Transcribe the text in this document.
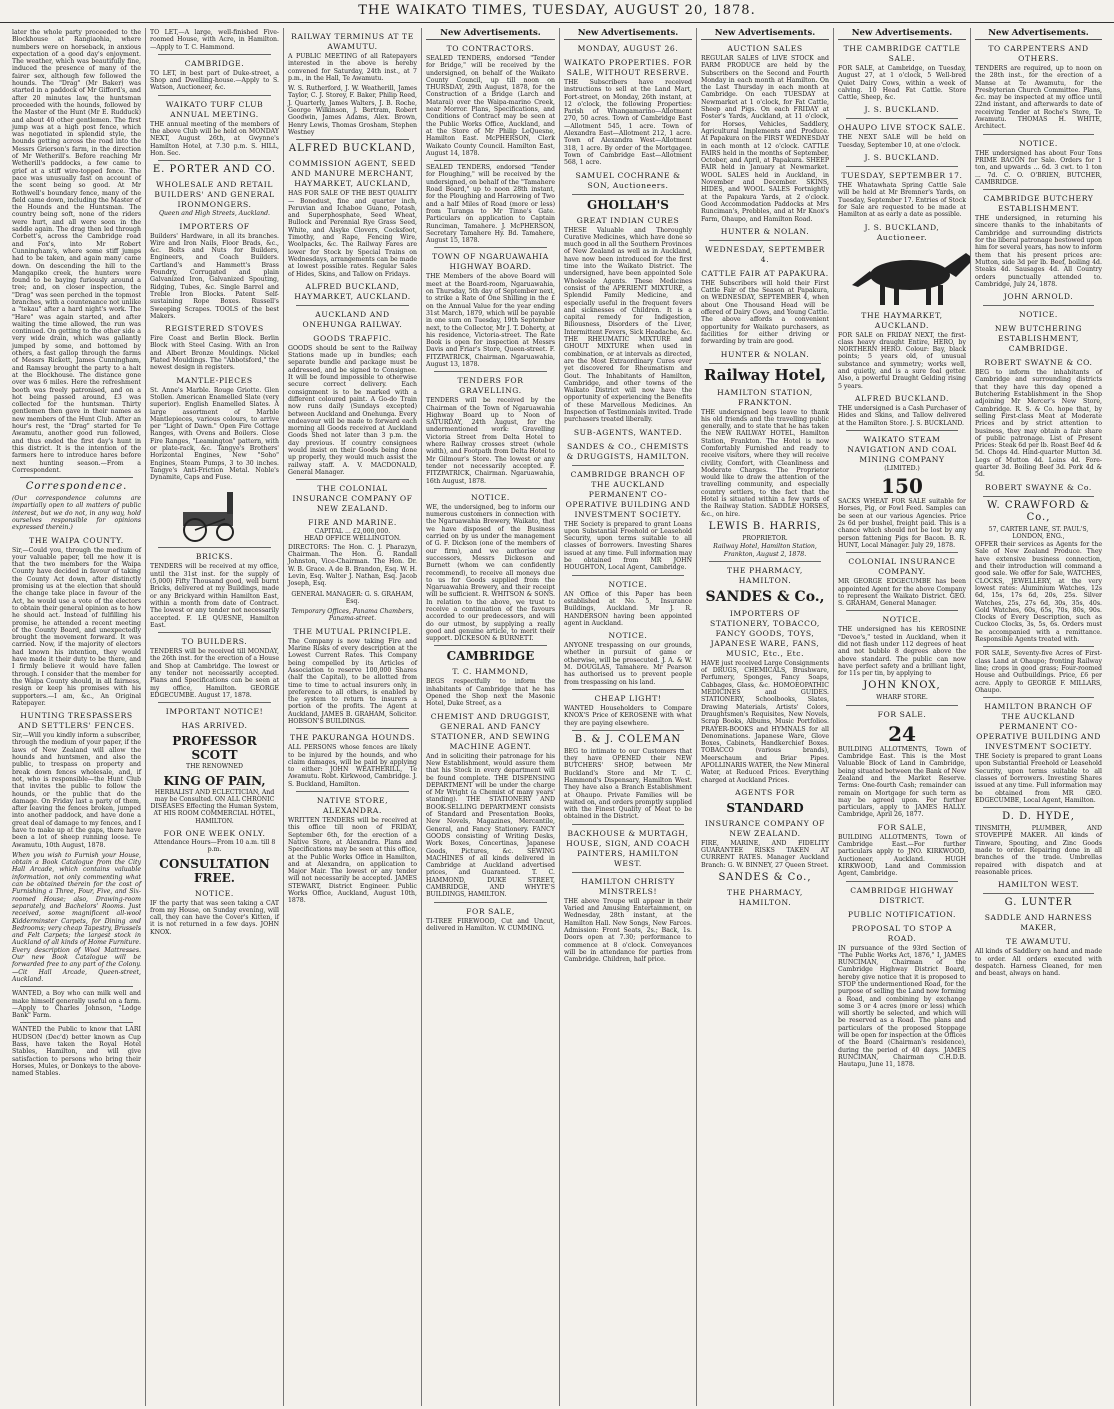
THE WAIKATO TIMES, TUESDAY, AUGUST 20, 1878.
later the whole party proceeded to the Blockhouse at Rangiaohia, where numbers were on horseback, in anxious expectation of a good day's enjoyment. The weather, which was beautifully fine, induced the presence of many of the fairer sex, although few followed the hounds. The "Drag" (Mr Baker) was started in a paddock of Mr Gifford's, and after 20 minutes law, the huntsman proceeded with the hounds, followed by the Master of the Hunt (Mr E. Rudduck) and about 40 other gentlemen. The first jump was at a high post fence, which was negotiated in splendid style, the hounds getting across the road into the Messrs Grierson's farm, in the direction of Mr Wetherill's. Before reaching Mr Wetherill's paddocks, a few came to grief at a stiff wire-topped fence. The pace was unusually fast on account of the scent being so good. At Mr Rothwell's boundary fence, many of the field came down, including the Master of the Hounds and the Huntsman. The country being soft, none of the riders were hurt, and all were soon in the saddle again. The drag then led through Corbett's, across the Cambridge road and Fox's, into Mr Robert Cunningham's, where some stiff jumps had to be taken, and again many came down. On descending the hill to the Mangapiko creek, the hunters were found to be baying furiously around a tree; and, on closer inspection, the "Drag" was seen perched in the topmost branches, with a countenance not unlike a "tekau" after a hard night's work. The "Hare" was again started, and after waiting the time allowed, the run was continued. On getting to the other side a very wide drain, which was gallantly jumped by some, and bottomed by others, a fast gallop through the farms of Messrs Rickett, James Cunningham, and Ramsay brought the party to a halt at the Blockhouse. The distance gone over was 6 miles. Here the refreshment booth was freely patronised, and on a hot being passed around, £3 was collected for the huntsman. Thirty gentlemen then gave in their names as new members of the Hunt Club. After an hour's rest, the "Drag" started for Te Awamutu, another good run followed, and thus ended the first day's hunt in this district. It is the intention of the farmers here to introduce hares before next hunting season.—From a Correspondent.
Correspondence.
(Our correspondence columns are impartially open to all matters of public interest, but we do not, in any way, hold ourselves responsible for opinions expressed therein.)
THE WAIPA COUNTY.
Sir,—Could you, through the medium of your valuable paper, tell me how it is that the two members for the Waipa County have decided in favour of taking the County Act down, after distinctly promising us at the election that should the change take place in favour of the Act, he would use a vote of the electors to obtain their general opinion as to how he should act. Instead of fulfilling his promise, he attended a recent meeting of the County Board, and unexpectedly brought the movement forward. It was carried. Now, if the majority of electors had known his intention, they would have made it their duty to be there, and I firmly believe it would have fallen through. I consider that the member for the Waipa County should, in all fairness, resign or keep his promises with his supporters.—I am, &c., An Original Ratepayer.
HUNTING TRESPASSERS AND SETTLERS' FENCES.
Sir,—Will you kindly inform a subscriber, through the medium of your paper, if the laws of New Zealand will allow the hounds and huntsmen, and also the public, to trespass on property and break down fences wholesale, and, if not, who is responsible—the Hunt Club that invites the public to follow the hounds, or the public that do the damage. On Friday last a party of them, after leaving the fences broken, jumped into another paddock, and have done a great deal of damage to my fences, and I have to make up at the gaps, there have been a lot of sheep running loose. Te Awamutu, 10th August, 1878.
When you wish to Furnish your House, obtain a Book Catalogue from the City Hall Arcade, which contains valuable information, not only commenting what can be obtained therein for the cost of Furnishing a Three, Four, Five, and Six-roomed House; also, Drawing-room separately, and Bachelors' Rooms. Just received, some magnificent all-wool Kidderminster Carpets, for Dining and Bedrooms; very cheap Tapestry, Brussels and Felt Carpets; the largest stock in Auckland of all kinds of Home Furniture. Every description of Wool Mattresses. Our new Book Catalogue will be forwarded free to any part of the Colony. —Cit Hall Arcade, Queen-street, Auckland.
WANTED, a Boy who can milk well and make himself generally useful on a farm.—Apply to Charles Johnson, "Lodge Bank" Farm.
WANTED the Public to know that LARI HUDSON (Dec'd) better known as Cup Bass, have taken the Royal Hotel Stables, Hamilton, and will give satisfaction to persons who bring their Horses, Mules, or Donkeys to the above-named Stables.
TO LET,—A large, well-finished Five-roomed House, with Acre, in Hamilton.—Apply to T. C. Hammond.
CAMBRIDGE.
TO LET, in best part of Duke-street, a Shop and Dwelling-house.—Apply to S. Watson, Auctioneer, &c.
WAIKATO TURF CLUB ANNUAL MEETING.
THE annual meeting of the members of the above Club will be held on MONDAY NEXT, August 26th, at Gwynne's Hamilton Hotel, at 7.30 p.m. S. HILL, Hon. Sec.
E. PORTER AND CO.
WHOLESALE AND RETAIL BUILDERS' AND GENERAL IRONMONGERS.
Queen and High Streets, Auckland.
IMPORTERS OF
Builders' Hardware, in all its branches. Wire and Iron Nails, Floor Brads, &c., &c. Bolts and Nuts for Builders, Engineers, and Coach Builders. Cartland's and Hammett's Brass Foundry, Corrugated and plain Galvanized Iron, Galvanized Spouting, Ridging, Tubes, &c. Single Barrel and Treble Iron Blocks. Patent Self-sustaining Rope Boxes. Russell's Sweeping Scrapes. TOOLS of the best Makers.
REGISTERED STOVES
Fire Coast and Berlin Block. Berlin Block with Steel Casing. With an Iron and Albert Bronze Mouldings. Nickel Plated Mouldings. The "Abbotsford," the newest design in registers.
MANTLE-PIECES
St. Anne's Marble. Rouge Griotte. Glen Stollen. American Enamelled Slate (very superior). English Enamelled Slates. A large assortment of Marble Mantlepieces, various colours, to arrive per "Light of Dawn." Open Fire Cottage Ranges, with Ovens and Boilers. Close Fire Ranges, "Leamington" pattern, with or plate-rack, &c. Tangye's Brothers' Horizontal Engines, New "Soho" Engines, Steam Pumps, 3 to 30 inches. Tangye's Anti-Friction Metal. Noble's Dynamite, Caps and Fuse.
BRICKS.
TENDERS will be received at my office, until the 31st inst. for the supply of (5,000) Fifty Thousand good, well burnt Bricks, delivered at my Buildings, made or any Brickyard within Hamilton East, within a month from date of Contract. The lowest or any tender not necessarily accepted. F. LE QUESNE, Hamilton East.
TO BUILDERS.
TENDERS will be received till MONDAY, the 26th inst. for the erection of a House and Shop at Cambridge. The lowest or any tender not necessarily accepted. Plans and Specifications can be seen at my office, Hamilton. GEORGE EDGECUMBE. August 17, 1878.
IMPORTANT NOTICE!
HAS ARRIVED.
PROFESSOR SCOTT
THE RENOWNED
KING OF PAIN,
HERBALIST AND ECLECTICIAN, And may be Consulted. ON ALL CHRONIC DISEASES Effecting the Human System, AT HIS ROOM COMMERCIAL HOTEL, HAMILTON.
FOR ONE WEEK ONLY.
Attendance Hours—From 10 a.m. till 8 p.m.
CONSULTATION FREE.
NOTICE.
IF the party that was seen taking a CAT from my House, on Sunday evening, will call, they can have the Cover's Kitten, if it is not returned in a few days. JOHN KNOX.
RAILWAY TERMINUS AT TE AWAMUTU.
A PUBLIC MEETING of all Ratepayers interested in the above is hereby convened for Saturday, 24th inst., at 7 p.m., in the Hall, Te Awamutu.
W. S. Rutherford, J. W. Weatherill, James Taylor, C. J. Storey, F. Baker, Philip Reed, J. Quarterly, James Walters, J. B. Roche, George Wilkinson, J. Bertram, Robert Goodwin, James Adams, Alex. Brown, Henry Lewis, Thomas Grosham, Stephen Westney
ALFRED BUCKLAND,
COMMISSION AGENT, SEED AND MANURE MERCHANT, HAYMARKET, AUCKLAND,
HAS FOR SALE OF THE BEST QUALITY— Bonedust, fine and quarter inch, Peruvian and Ichaboe Guano, Potash, and Superphosphate, Seed Wheat, Bullock and Perennial Rye Grass Seed, White, and Alsyke Clovers, Cocksfoot, Timothy, and Rape, Fencing Wire, Woolpacks, &c. The Railway Fares are lower for Stock by Special Trains on Wednesdays, arrangements can be made at lowest possible rates. Regular Sales of Hides, Skins, and Tallow on Fridays.
ALFRED BUCKLAND, HAYMARKET, AUCKLAND.
AUCKLAND AND ONEHUNGA RAILWAY.
GOODS TRAFFIC.
GOODS should be sent to the Railway Stations made up in bundles; each separate bundle and package must be addressed, and be signed to Consignee. It will be found impossible to otherwise secure correct delivery. Each consignment is to be marked with a different coloured paint. A Go-do Train now runs daily (Sundays excepted) between Auckland and Onehunga. Every endeavour will be made to forward each morning all Goods received at Auckland Goods Shed not later than 3 p.m. the day previous. If country consignees would insist on their Goods being done up properly, they would much assist the railway staff. A. V. MACDONALD, General Manager.
THE COLONIAL INSURANCE COMPANY OF NEW ZEALAND.
FIRE AND MARINE.
CAPITAL ... £2,000,000.
HEAD OFFICE WELLINGTON.
DIRECTORS: The Hon. C. J. Pharazyn, Chairman. The Hon. G. Randall Johnston, Vice-Chairman. The Hon. Dr. W. B. Grace. A de B. Brandon, Esq. W. H. Levin, Esq. Walter J. Nathan, Esq. Jacob Joseph, Esq.
GENERAL MANAGER: G. S. GRAHAM, Esq.
Temporary Offices, Panama Chambers, Panama-street.
THE MUTUAL PRINCIPLE.
The Company is now taking Fire and Marine Risks of every description at the Lowest Current Rates. This Company being compelled by its Articles of Association to reserve 100,000 Shares (half the Capital), to be allotted from time to time to actual insurers only, in preference to all others, is enabled by the system to return to insurers a portion of the profits. The Agent at Auckland, JAMES B. GRAHAM, Solicitor. HOBSON'S BUILDINGS.
THE PAKURANGA HOUNDS.
ALL PERSONS whose fences are likely to be injured by the hounds, and who claim damages, will be paid by applying to either: JOHN WEATHERILL, Te Awamutu. Robt. Kirkwood, Cambridge. J. S. Buckland, Hamilton.
NATIVE STORE, ALEXANDRA.
WRITTEN TENDERS will be received at this office till noon of FRIDAY, September 6th, for the erection of a Native Store, at Alexandra. Plans and Specifications may be seen at this office, at the Public Works Office in Hamilton, and at Alexandra, on application to Major Mair. The lowest or any tender will not necessarily be accepted. JAMES STEWART, District Engineer. Public Works Office, Auckland, August 10th, 1878.
New Advertisements.
TO CONTRACTORS.
SEALED TENDERS, endorsed "Tender for Bridge," will be received by the undersigned, on behalf of the Waikato County Council, up till noon on THURSDAY, 29th August, 1878, for the Construction of a Bridge (Larch and Matarai) over the Waipa-marino Creek, near Morror. Plans, Specifications, and Conditions of Contract may be seen at the Public Works Office, Auckland, and at the Store of Mr Philip LeQuesne, Hamilton East. McPHERSON, Clerk Waikato County Council. Hamilton East, August 14, 1878.
SEALED TENDERS, endorsed "Tender for Ploughing," will be received by the undersigned, on behalf of the "Tamahere Road Board," up to noon 28th instant, for the Ploughing and Harrowing of Two and a half Miles of Road (more or less) from Turanga to Mr Tinne's Gate. Particulars on application to Captain Runciman, Tamahere. J. McPHERSON, Secretary Tamahere Hy. Bd. Tamahere, August 15, 1878.
TOWN OF NGARUAWAHIA HIGHWAY BOARD.
THE Members of the above Board will meet at the Board-room, Ngaruawahia, on Thursday, 5th day of September next, to strike a Rate of One Shilling in the £ on the Annual Value for the year ending 31st March, 1879, which will be payable in one sum on Tuesday, 19th September next, to the Collector, Mr J. T. Doherty, at his residence, Victoria-street. The Rate Book is open for inspection at Messrs Davis and Friar's Store, Queen-street. F. FITZPATRICK, Chairman. Ngaruawahia, August 13, 1878.
TENDERS FOR GRAVELLING.
TENDERS will be received by the Chairman of the Town of Ngaruawahia Highway Board up to Noon of SATURDAY, 24th August, for the undermentioned work: Gravelling Victoria Street from Delta Hotel to where Railway crosses street (whole width), and Footpath from Delta Hotel to Mr Gilmour's Store. The lowest or any tender not necessarily accepted. F. FITZPATRICK, Chairman. Ngaruawahia, 16th August, 1878.
NOTICE.
WE, the undersigned, beg to inform our numerous customers in connection with the Ngaruawahia Brewery, Waikato, that we have disposed of the Business carried on by us under the management of G. F. Dickson (one of the members of our firm), and we authorise our successors, Messrs Dickeson and Burnett (whom we can confidently recommend), to receive all moneys due to us for Goods supplied from the Ngaruawahia Brewery, and their receipt will be sufficient. R. WHITSON & SONS. In relation to the above, we trust to receive a continuation of the favours accorded to our predecessors, and will do our utmost, by supplying a really good and genuine article, to merit their support. DICKESON & BURNETT.
CAMBRIDGE
T. C. HAMMOND,
BEGS respectfully to inform the inhabitants of Cambridge that he has Opened the Shop next the Masonic Hotel, Duke Street, as a
CHEMIST AND DRUGGIST, GENERAL AND FANCY STATIONER, AND SEWING MACHINE AGENT.
And in soliciting their patronage for his New Establishment, would assure them that his Stock in every department will be found complete. THE DISPENSING DEPARTMENT will be under the charge of Mr Wright (a Chemist of many years' standing). THE STATIONERY AND BOOK-SELLING DEPARTMENT consists of Standard and Presentation Books, New Novels, Magazines, Mercantile, General, and Fancy Stationery. FANCY GOODS consisting of Writing Desks, Work Boxes, Concertinas, Japanese Goods, Pictures, &c. SEWING MACHINES of all kinds delivered in Cambridge at Auckland advertised prices, and Guaranteed. T. C. HAMMOND, DUKE STREET, CAMBRIDGE, AND WHYTE'S BUILDINGS, HAMILTON.
FOR SALE,
TI-TREE FIREWOOD, Cut and Uncut, delivered in Hamilton. W. CUMMING.
New Advertisements.
MONDAY, AUGUST 26.
WAIKATO PROPERTIES. FOR SALE, WITHOUT RESERVE.
THE Subscribers have received instructions to sell at the Land Mart, Fort-street, on Monday, 26th instant, at 12 o'clock, the following Properties: Parish of Whangamarino—Allotment 270, 50 acres. Town of Cambridge East—Allotment 545, 1 acre. Town of Alexandra East—Allotment 212, 1 acre. Town of Alexandra West—Allotment 318, 1 acre. By order of the Mortgagee. Town of Cambridge East—Allotment 568, 1 acre.
SAMUEL COCHRANE & SON, Auctioneers.
GHOLLAH'S
GREAT INDIAN CURES
THESE Valuable and Thoroughly Curative Medicines, which have done so much good in all the Southern Provinces of New Zealand as well as in Auckland, have now been introduced for the first time into the Waikato District. The undersigned, have been appointed Sole Wholesale Agents. These Medicines consist of the APERIENT MIXTURE, a Splendid Family Medicine, and especially useful in the frequent fevers and sicknesses of Children. It is a capital remedy for Indigestion, Biliousness, Disorders of the Liver, Intermittent Fevers, Sick Headache, &c. THE RHEUMATIC MIXTURE and GHOUT MIXTURE when used in combination, or at intervals as directed, are the Most Extraordinary Cures ever yet discovered for Rheumatism and Gout. The Inhabitants of Hamilton, Cambridge, and other towns of the Waikato District will now have the opportunity of experiencing the Benefits of these Marvellous Medicines. An Inspection of Testimonials invited. Trade purchasers treated liberally.
SUB-AGENTS, WANTED.
SANDES & CO., CHEMISTS & DRUGGISTS, HAMILTON.
CAMBRIDGE BRANCH OF THE AUCKLAND PERMANENT CO-OPERATIVE BUILDING AND INVESTMENT SOCIETY.
THE Society is prepared to grant Loans upon Substantial Freehold or Leasehold Security, upon terms suitable to all classes of borrowers. Investing Shares issued at any time. Full information may be obtained from MR JOHN HOUGHTON, Local Agent, Cambridge.
NOTICE.
AN Office of this Paper has been established at No. 5, Insurance Buildings, Auckland. Mr J. R. HANDERSON having been appointed agent in Auckland.
NOTICE.
ANYONE trespassing on our grounds, whether in pursuit of game or otherwise, will be prosecuted. J. A. & W. M. DOUGLAS, Tamahere. Mr Pearson has authorised us to prevent people from trespassing on his land.
CHEAP LIGHT!
WANTED Householders to Compare KNOX'S Price of KEROSENE with what they are paying elsewhere.
B. & J. COLEMAN
BEG to intimate to our Customers that they have OPENED their NEW BUTCHERS' SHOP, between Mr Buckland's Store and Mr T. C. Hammond's Dispensary, Hamilton West. They have also a Branch Establishment at Ohaupo. Private Families will be waited on, and orders promptly supplied with the Finest Quality of Meat to be obtained in the District.
BACKHOUSE & MURTAGH, HOUSE, SIGN, AND COACH PAINTERS, HAMILTON WEST.
HAMILTON CHRISTY MINSTRELS!
THE above Troupe will appear in their Varied and Amusing Entertainment, on Wednesday, 28th instant, at the Hamilton Hall. New Songs, New Farces. Admission: Front Seats, 2s.; Back, 1s. Doors open at 7.30; performance to commence at 8 o'clock. Conveyances will be in attendance for parties from Cambridge. Children, half price.
New Advertisements.
AUCTION SALES
REGULAR SALES of LIVE STOCK and FARM PRODUCE are held by the Subscribers on the Second and Fourth Monday in each month at Hamilton. On the Last Thursday in each month at Cambridge. On each TUESDAY at Newmarket at 1 o'clock, for Fat Cattle, Sheep and Pigs. On each FRIDAY at Foster's Yards, Auckland, at 11 o'clock, for Horses, Vehicles, Saddlery, Agricultural Implements and Produce. At Papakura on the FIRST WEDNESDAY in each month at 12 o'clock. CATTLE FAIRS held in the months of September, October, and April, at Papakura. SHEEP FAIR held in January at Newmarket. WOOL SALES held in Auckland, in November and December. SKINS, HIDES, and WOOL SALES Fortnightly at the Papakura Yards, at 2 o'clock. Good Accommodation Paddocks at Mrs Runciman's, Prebbles, and at Mr Knox's Farm, Ohaupo, and Hamilton Road.
HUNTER & NOLAN.
WEDNESDAY, SEPTEMBER 4.
CATTLE FAIR AT PAPAKURA.
THE Subscribers will hold their First Cattle Fair of the Season at Papakura, on WEDNESDAY, SEPTEMBER 4, when about One Thousand Head will be offered of Dairy Cows, and Young Cattle. The above affords a convenient opportunity for Waikato purchasers, as facilities for either driving or forwarding by train are good.
HUNTER & NOLAN.
Railway Hotel,
HAMILTON STATION, FRANKTON.
THE undersigned begs leave to thank his old friends and the travelling public generally, and to state that he has taken the NEW RAILWAY HOTEL, Hamilton Station, Frankton. The Hotel is now Comfortably Furnished and ready to receive visitors, where they will receive civility, Comfort, with Cleanliness and Moderate Charges. The Proprietor would like to draw the attention of the travelling community, and especially country settlers, to the fact that the Hotel is situated within a few yards of the Railway Station. SADDLE HORSES, &c., on hire.
LEWIS B. HARRIS,
PROPRIETOR.
Railway Hotel, Hamilton Station, Frankton, August 2, 1878.
THE PHARMACY, HAMILTON.
SANDES & Co.,
IMPORTERS OF STATIONERY, TOBACCO, FANCY GOODS, TOYS, JAPANESE WARE, FANS, MUSIC, Etc., Etc.
HAVE just received Large Consignments of DRUGS, CHEMICALS, Brushware, Perfumery, Sponges, Fancy Soaps, Cabbages, Glass, &c. HOMOEOPATHIC MEDICINES and GUIDES. STATIONERY, Schoolbooks, Slates, Drawing Materials, Artists' Colors, Draughtsmen's Requisites, New Novels, Scrap Books, Albums, Music Portfolios. PRAYER-BOOKS and HYMNALS for all Denominations. Japanese Ware, Glove Boxes, Cabinets, Handkerchief Boxes. TOBACCO (various brands), Meerschaum and Briar Pipes. APOLLINARIS WATER, the New Mineral Water, at Reduced Prices. Everything charged at Auckland Prices.
AGENTS FOR
STANDARD
INSURANCE COMPANY OF NEW ZEALAND.
FIRE, MARINE, AND FIDELITY GUARANTEE RISKS TAKEN AT CURRENT RATES. Manager Auckland Branch: G. W. BINNEY, 27 Queen Street.
SANDES & Co.,
THE PHARMACY, HAMILTON.
New Advertisements.
THE CAMBRIDGE CATTLE SALE.
FOR SALE, at Cambridge, on Tuesday, August 27, at 1 o'clock, 5 Well-bred Quiet Dairy Cows, within a week of calving. 10 Head Fat Cattle. Store Cattle, Sheep, &c.
J. S. BUCKLAND.
OHAUPO LIVE STOCK SALE.
THE NEXT SALE will be held on Tuesday, September 10, at one o'clock.
J. S. BUCKLAND.
TUESDAY, SEPTEMBER 17.
THE Whatawhata Spring Cattle Sale will be held at Mr Bremner's Yards, on Tuesday, September 17. Entries of Stock for Sale are requested to be made at Hamilton at as early a date as possible.
J. S. BUCKLAND, Auctioneer.
THE HAYMARKET, AUCKLAND.
FOR SALE on FRIDAY NEXT, the first-class heavy draught Entire, HERO, by NORTHERN HERO. Colour: Bay, black points; 5 years old, of unusual substance and symmetry; works well, and quietly, and is a sure foal getter. Also, a powerful Draught Gelding rising 5 years.
ALFRED BUCKLAND.
THE undersigned is a Cash Purchaser of Hides and Skins, and Tallow delivered at the Hamilton Store. J. S. BUCKLAND.
WAIKATO STEAM NAVIGATION AND COAL MINING COMPANY
(LIMITED.)
150
SACKS WHEAT FOR SALE suitable for Horses, Pig, or Fowl Feed. Samples can be seen at our various Agencies. Price 2s 6d per bushel, freight paid. This is a chance which should not be lost by any person fattening Pigs for Bacon. B. R. HUNT, Local Manager. July 29, 1878.
COLONIAL INSURANCE COMPANY.
MR GEORGE EDGECUMBE has been appointed Agent for the above Company to represent the Waikato District. GEO. S. GRAHAM, General Manager.
NOTICE.
THE undersigned has his KEROSINE "Devoe's," tested in Auckland, when it did not flash under 112 degrees of heat and not bubble 8 degrees above the above standard. The public can now have perfect safety and a brilliant light, for 11s per tin, by applying to
JOHN KNOX,
WHARF STORE.
FOR SALE.
24
BUILDING ALLOTMENTS, Town of Cambridge East. This is the Most Valuable Block of Land in Cambridge, being situated between the Bank of New Zealand and the Market Reserve. Terms: One-fourth Cash; remainder can remain on Mortgage for such term as may be agreed upon. For further particulars, apply to JAMES HALLY. Cambridge, April 26, 1877.
FOR SALE,
BUILDING ALLOTMENTS, Town of Cambridge East.—For further particulars apply to JNO. KIRKWOOD, Auctioneer, Auckland. HUGH KIRKWOOD, Land and Commission Agent, Cambridge.
CAMBRIDGE HIGHWAY DISTRICT.
PUBLIC NOTIFICATION.
PROPOSAL TO STOP A ROAD.
IN pursuance of the 93rd Section of "The Public Works Act, 1876," I, JAMES RUNCIMAN, Chairman of the Cambridge Highway District Board, hereby give notice that it is proposed to STOP the undermentioned Road, for the purpose of selling the Land now forming a Road, and combining by exchange some 3 or 4 acres (more or less) which will shortly be selected, and which will be reserved as a Road. The plans and particulars of the proposed Stoppage will be open for inspection at the Offices of the Board (Chairman's residence), during the period of 40 days. JAMES RUNCIMAN, Chairman C.H.D.B. Hautapu, June 11, 1878.
New Advertisements.
TO CARPENTERS AND OTHERS.
TENDERS are required, up to noon on the 28th inst., for the erection of a Manse at Te Awamutu, for the Presbyterian Church Committee. Plans, &c. may be inspected at my office until 22nd instant, and afterwards to date of receiving Tender at Roche's Store, Te Awamutu. THOMAS H. WHITE, Architect.
NOTICE.
THE undersigned has about Four Tons PRIME BACON for Sale. Orders for 1 ton, and upwards ... 6d. 3 cwt. to 1 ton ... 7d. C. O. O'BRIEN, BUTCHER, CAMBRIDGE.
CAMBRIDGE BUTCHERY ESTABLISHMENT.
THE undersigned, in returning his sincere thanks to the inhabitants of Cambridge and surrounding districts for the liberal patronage bestowed upon him for several years, has now to inform them that his present prices are: Mutton, side 3d per lb. Beef, boiling 4d. Steaks 4d. Sausages 4d. All Country orders punctually attended to. Cambridge, July 24, 1878.
JOHN ARNOLD.
NOTICE.
NEW BUTCHERING ESTABLISHMENT, CAMBRIDGE.
ROBERT SWAYNE & CO.
BEG to inform the inhabitants of Cambridge and surrounding districts that they have this day opened a Butchering Establishment in the Shop adjoining Mr Mercer's New Store, Cambridge. R. S. & Co. hope that, by selling First-class Meat at Moderate Prices and by strict attention to business, they may obtain a fair share of public patronage. List of Present Prices: Steak 6d per lb. Roast Beef 4d & 5d. Chops 4d. Hind-quarter Mutton 3d. Legs of Mutton 4d. Loins 4d. Fore-quarter 3d. Boiling Beef 3d. Pork 4d & 5d.
ROBERT SWAYNE & Co.
W. CRAWFORD & Co.,
57, CARTER LANE, ST. PAUL'S, LONDON, ENG.,
OFFER their services as Agents for the Sale of New Zealand Produce. They have extensive business connection, and their introduction will command a good sale. We offer for Sale, WATCHES, CLOCKS, JEWELLERY, at the very lowest rates: Aluminium Watches, 12s 6d, 15s, 17s 6d, 20s, 25s. Silver Watches, 25s, 27s 6d, 30s, 35s, 40s. Gold Watches, 60s, 65s, 70s, 80s, 90s. Clocks of Every Description, such as Cuckoo Clocks, 3s, 5s, 6s. Orders must be accompanied with a remittance. Responsible Agents treated with.
FOR SALE, Seventy-five Acres of First-class Land at Ohaupo; fronting Railway line; crops in good grass; Four-roomed House and Outbuildings. Price, £6 per acre. Apply to GEORGE F. MILLARS, Ohaupo.
HAMILTON BRANCH OF THE AUCKLAND PERMANENT CO-OPERATIVE BUILDING AND INVESTMENT SOCIETY.
THE Society is prepared to grant Loans upon Substantial Freehold or Leasehold Security, upon terms suitable to all classes of borrowers. Investing Shares issued at any time. Full information may be obtained from MR GEO. EDGECUMBE, Local Agent, Hamilton.
D. D. HYDE,
TINSMITH, PLUMBER, AND STOVEPIPE MAKER. All kinds of Tinware, Spouting, and Zinc Goods made to order. Repairing done in all branches of the trade. Umbrellas repaired with dispatch and at reasonable prices.
HAMILTON WEST.
G. LUNTER
SADDLE AND HARNESS MAKER,
TE AWAMUTU.
All kinds of Saddlery on hand and made to order. All orders executed with despatch. Harness Cleaned, for men and beast, always on hand.
